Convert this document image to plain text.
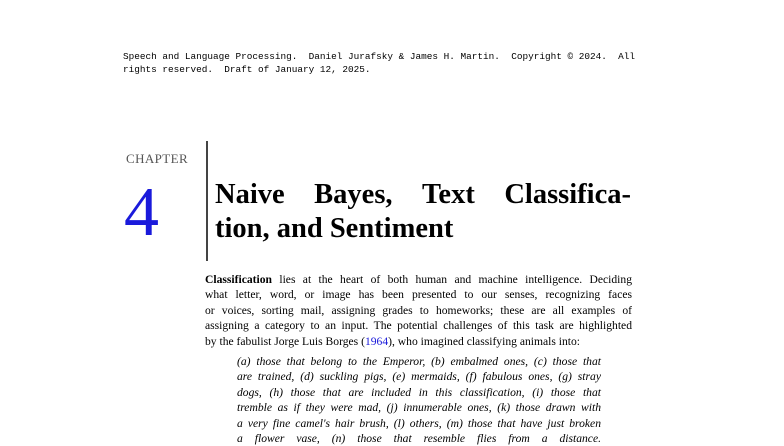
Speech and Language Processing.  Daniel Jurafsky & James H. Martin.  Copyright © 2024.  All
rights reserved.  Draft of January 12, 2025.
CHAPTER
4 Naive Bayes, Text Classifica-
tion, and Sentiment
Classification lies at the heart of both human and machine intelligence. Deciding
what letter, word, or image has been presented to our senses, recognizing faces
or voices, sorting mail, assigning grades to homeworks; these are all examples of
assigning a category to an input. The potential challenges of this task are highlighted
by the fabulist Jorge Luis Borges (1964), who imagined classifying animals into:
(a) those that belong to the Emperor, (b) embalmed ones, (c) those that
are trained, (d) suckling pigs, (e) mermaids, (f) fabulous ones, (g) stray
dogs, (h) those that are included in this classification, (i) those that
tremble as if they were mad, (j) innumerable ones, (k) those drawn with
a very fine camel's hair brush, (l) others, (m) those that have just broken
a flower vase, (n) those that resemble flies from a distance.
